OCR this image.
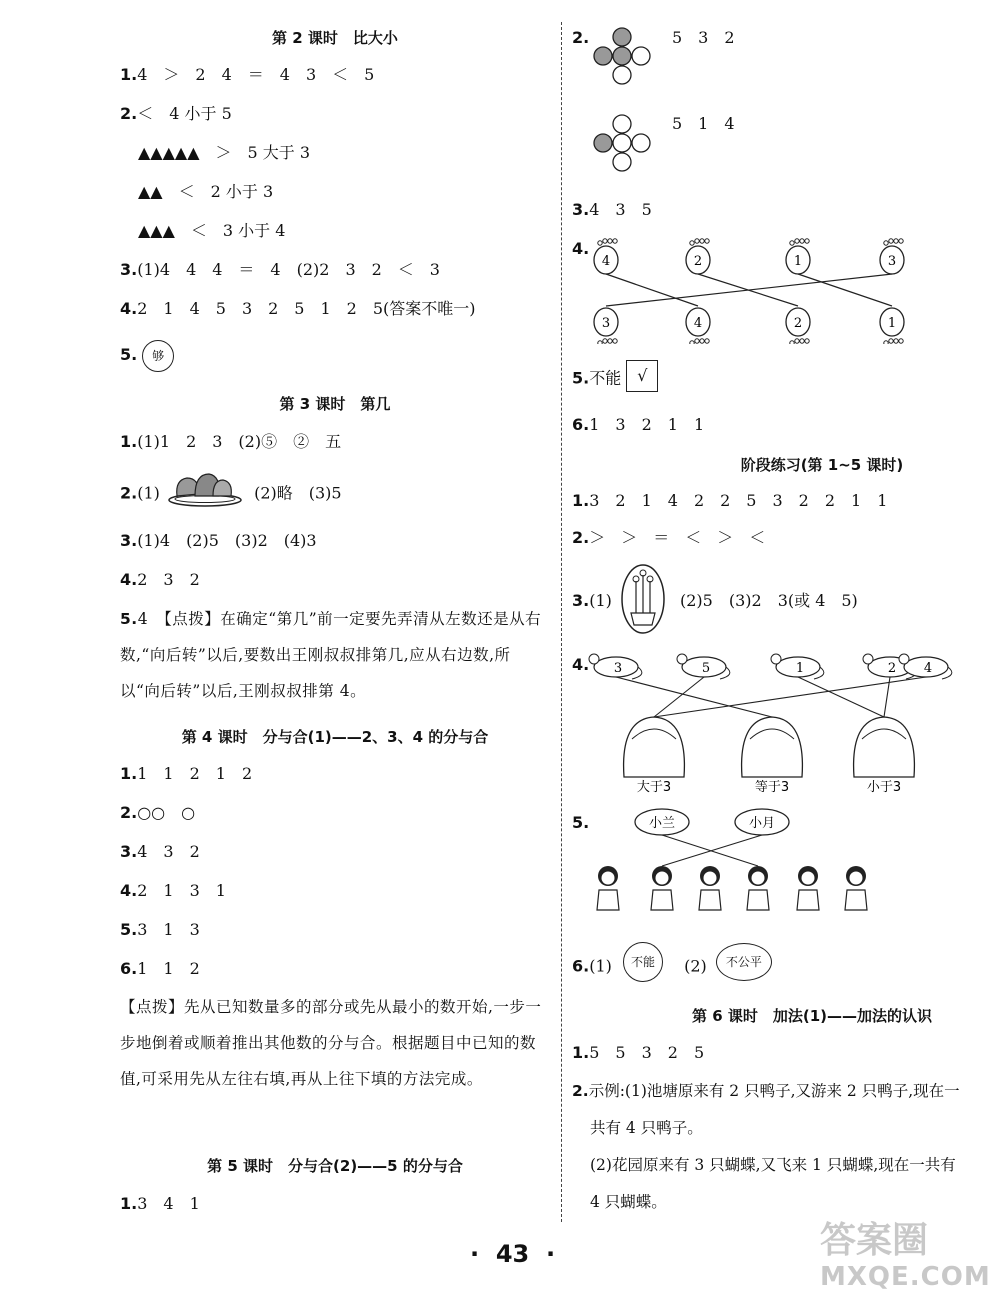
第 2 课时　比大小
1.4　＞　2　4　＝　4　3　＜　5
2.＜　4 小于 5
▲▲▲▲▲　＞　5 大于 3
▲▲　＜　2 小于 3
▲▲▲　＜　3 小于 4
3.(1)4　4　4　＝　4　(2)2　3　2　＜　3
4.2　1　4　5　3　2　5　1　2　5(答案不唯一)
5. 够
第 3 课时　第几
1.(1)1　2　3　(2)⑤　②　五
2.(1)	(2)略　(3)5
3.(1)4　(2)5　(3)2　(4)3
4.2　3　2
5.4　【点拨】在确定“第几”前一定要先弄清从左数还是从右数,“向后转”以后,要数出王刚叔叔排第几,应从右边数,所以“向后转”以后,王刚叔叔排第 4。
第 4 课时　分与合(1)——2、3、4 的分与合
1.1　1　2　1　2
2.○○　○
3.4　3　2
4.2　1　3　1
5.3　1　3
6.1　1　2
【点拨】先从已知数量多的部分或先从最小的数开始,一步一步地倒着或顺着推出其他数的分与合。根据题目中已知的数值,可采用先从左往右填,再从上往下填的方法完成。
第 5 课时　分与合(2)——5 的分与合
1.3　4　1
2.	5　3　2
5　1　4
3.4　3　5
4.
4	2	1	3
3	4	2	1
5.不能 √
6.1　3　2　1　1
阶段练习(第 1~5 课时)
1.3　2　1　4　2　2　5　3　2　2　1　1
2.＞　＞　＝　＜　＞　＜
3.(1)	(2)5　(3)2　3(或 4　5)
4. 3	5	1	2 4
大于3	等于3	小于3
5.	小兰	小月
6.(1) 不能 (2) 不公平
第 6 课时　加法(1)——加法的认识
1.5　5　3　2　5
2.示例:(1)池塘原来有 2 只鸭子,又游来 2 只鸭子,现在一
共有 4 只鸭子。
(2)花园原来有 3 只蝴蝶,又飞来 1 只蝴蝶,现在一共有
4 只蝴蝶。
·  43  ·	答案圈
MXQE.COM
